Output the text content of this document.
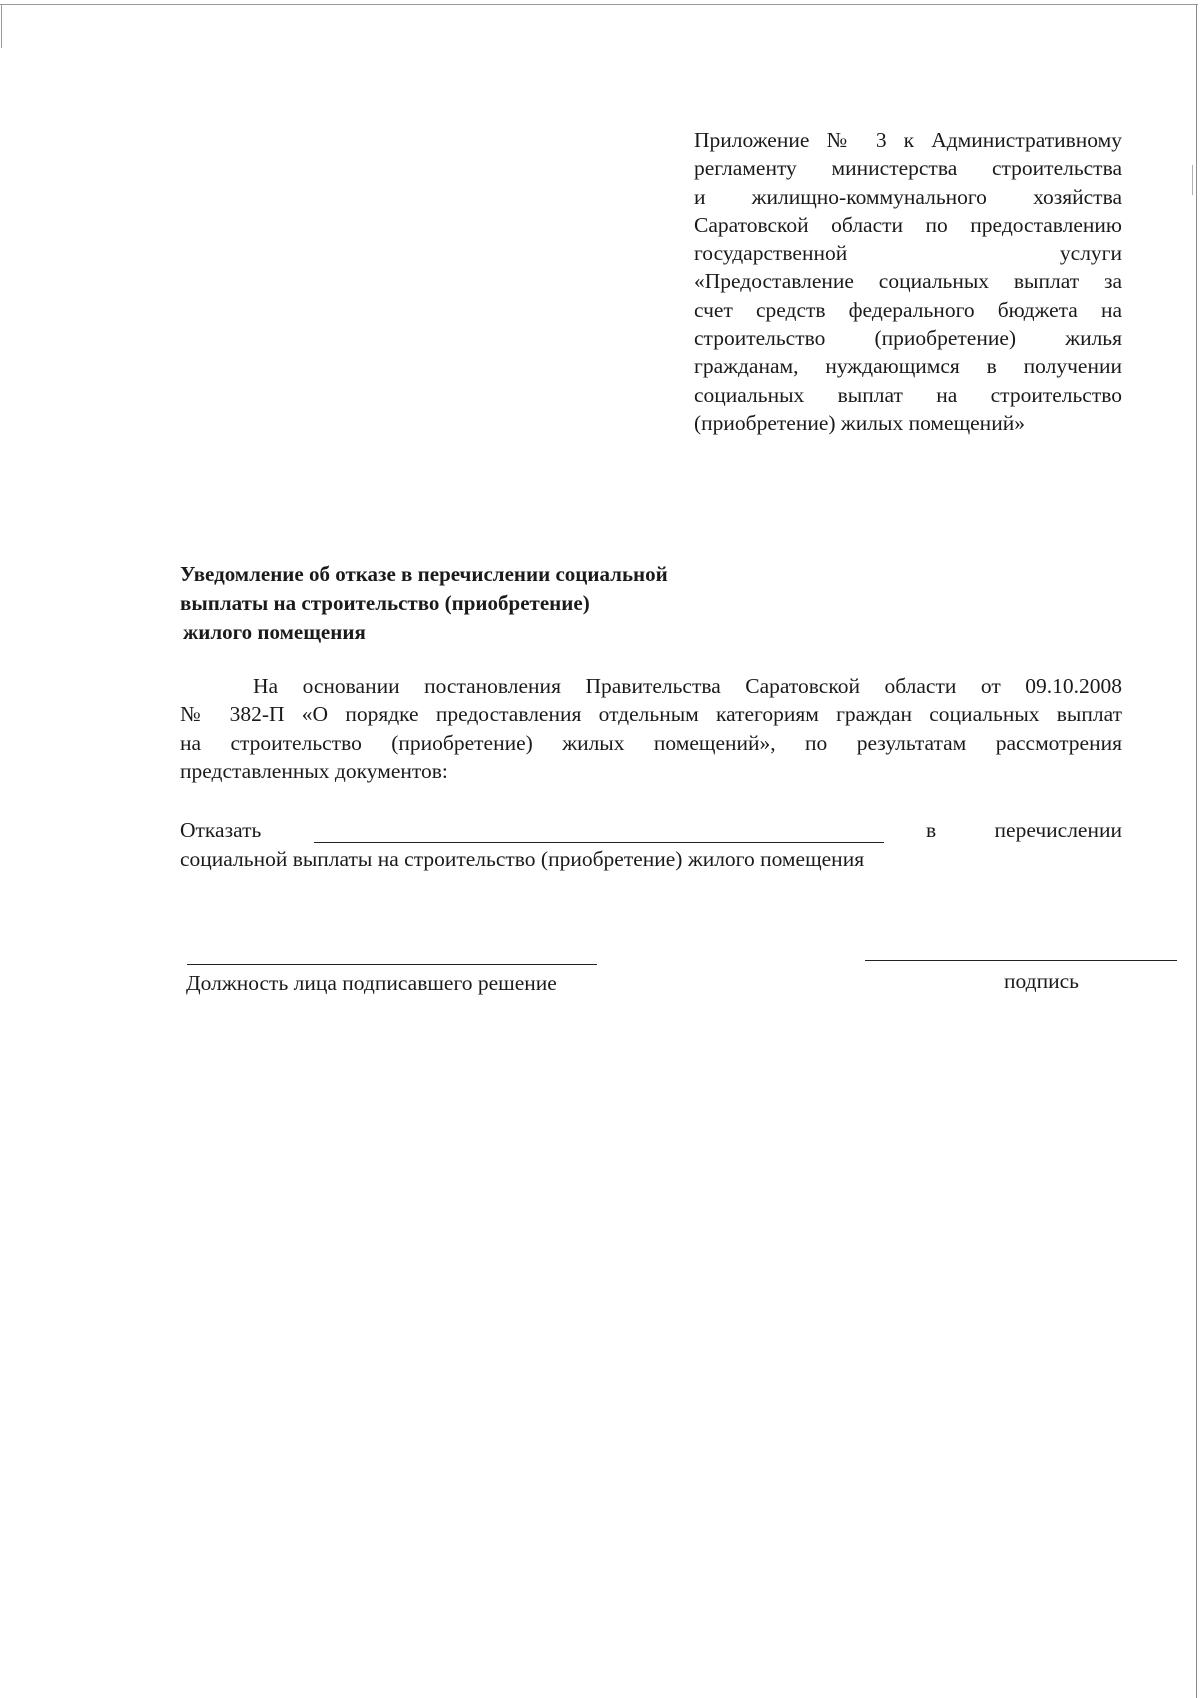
Приложение № 3 к Административному
регламенту министерства строительства
и жилищно-коммунального хозяйства
Саратовской области по предоставлению
государственной услуги
«Предоставление социальных выплат за
счет средств федерального бюджета на
строительство (приобретение) жилья
гражданам, нуждающимся в получении
социальных выплат на строительство
(приобретение) жилых помещений»
Уведомление об отказе в перечислении социальной
выплаты на строительство (приобретение)
жилого помещения
На основании постановления Правительства Саратовской области от 09.10.2008
№ 382-П «О порядке предоставления отдельным категориям граждан социальных выплат
на строительство (приобретение) жилых помещений», по результатам рассмотрения
представленных документов:
Отказать	в	перечислении
социальной выплаты на строительство (приобретение) жилого помещения
Должность лица подписавшего решение	подпись
